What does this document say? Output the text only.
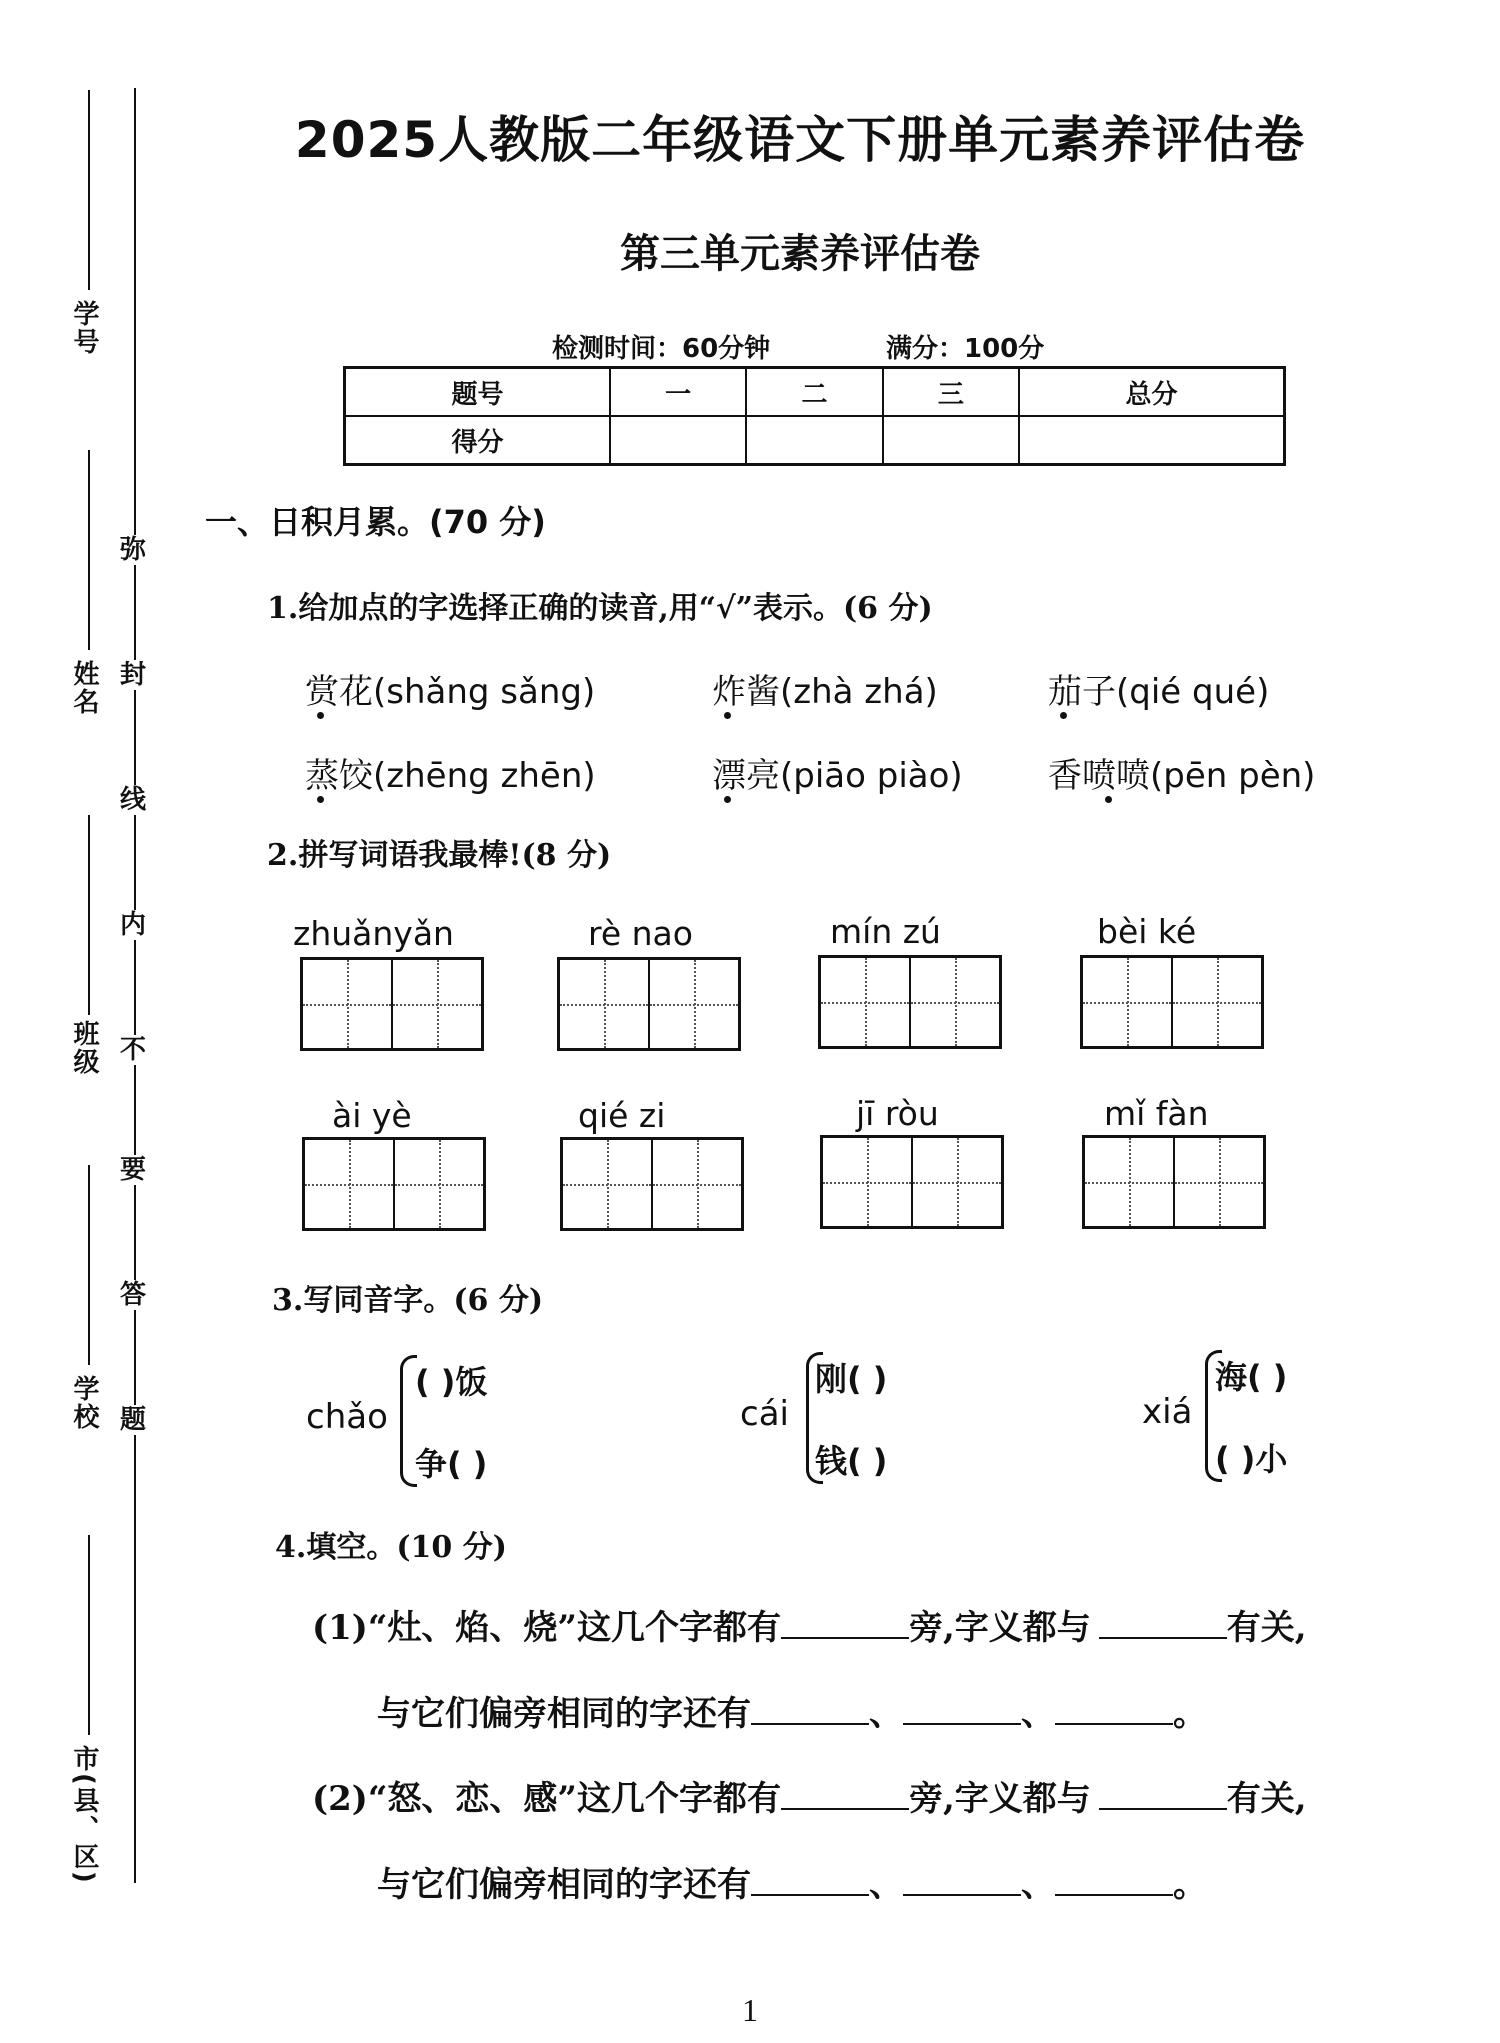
学号
姓名
班级
学校
市(县、区)
弥
封
线
内
不
要
答
题
2025人教版二年级语文下册单元素养评估卷
第三单元素养评估卷
检测时间：60分钟	满分：100分
题号	一	二	三	总分
得分				
一、日积月累。(70 分)
1.给加点的字选择正确的读音,用“√”表示。(6 分)
赏花(shǎng sǎng)	炸酱(zhà zhá)	茄子(qié qué)
蒸饺(zhēng zhēn)	漂亮(piāo piào)	香喷喷(pēn pèn)
2.拼写词语我最棒!(8 分)
zhuǎnyǎn	rè nao	mín zú	bèi ké
ài yè	qié zi	jī ròu	mǐ fàn
3.写同音字。(6 分)
chǎo
( )饭
争( )
cái
刚( )
钱( )
xiá
海( )
( )小
4.填空。(10 分)
(1)“灶、焰、烧”这几个字都有	旁,字义都与	有关,
与它们偏旁相同的字还有	、	、	。
(2)“怒、恋、感”这几个字都有	旁,字义都与	有关,
与它们偏旁相同的字还有	、	、	。
1
